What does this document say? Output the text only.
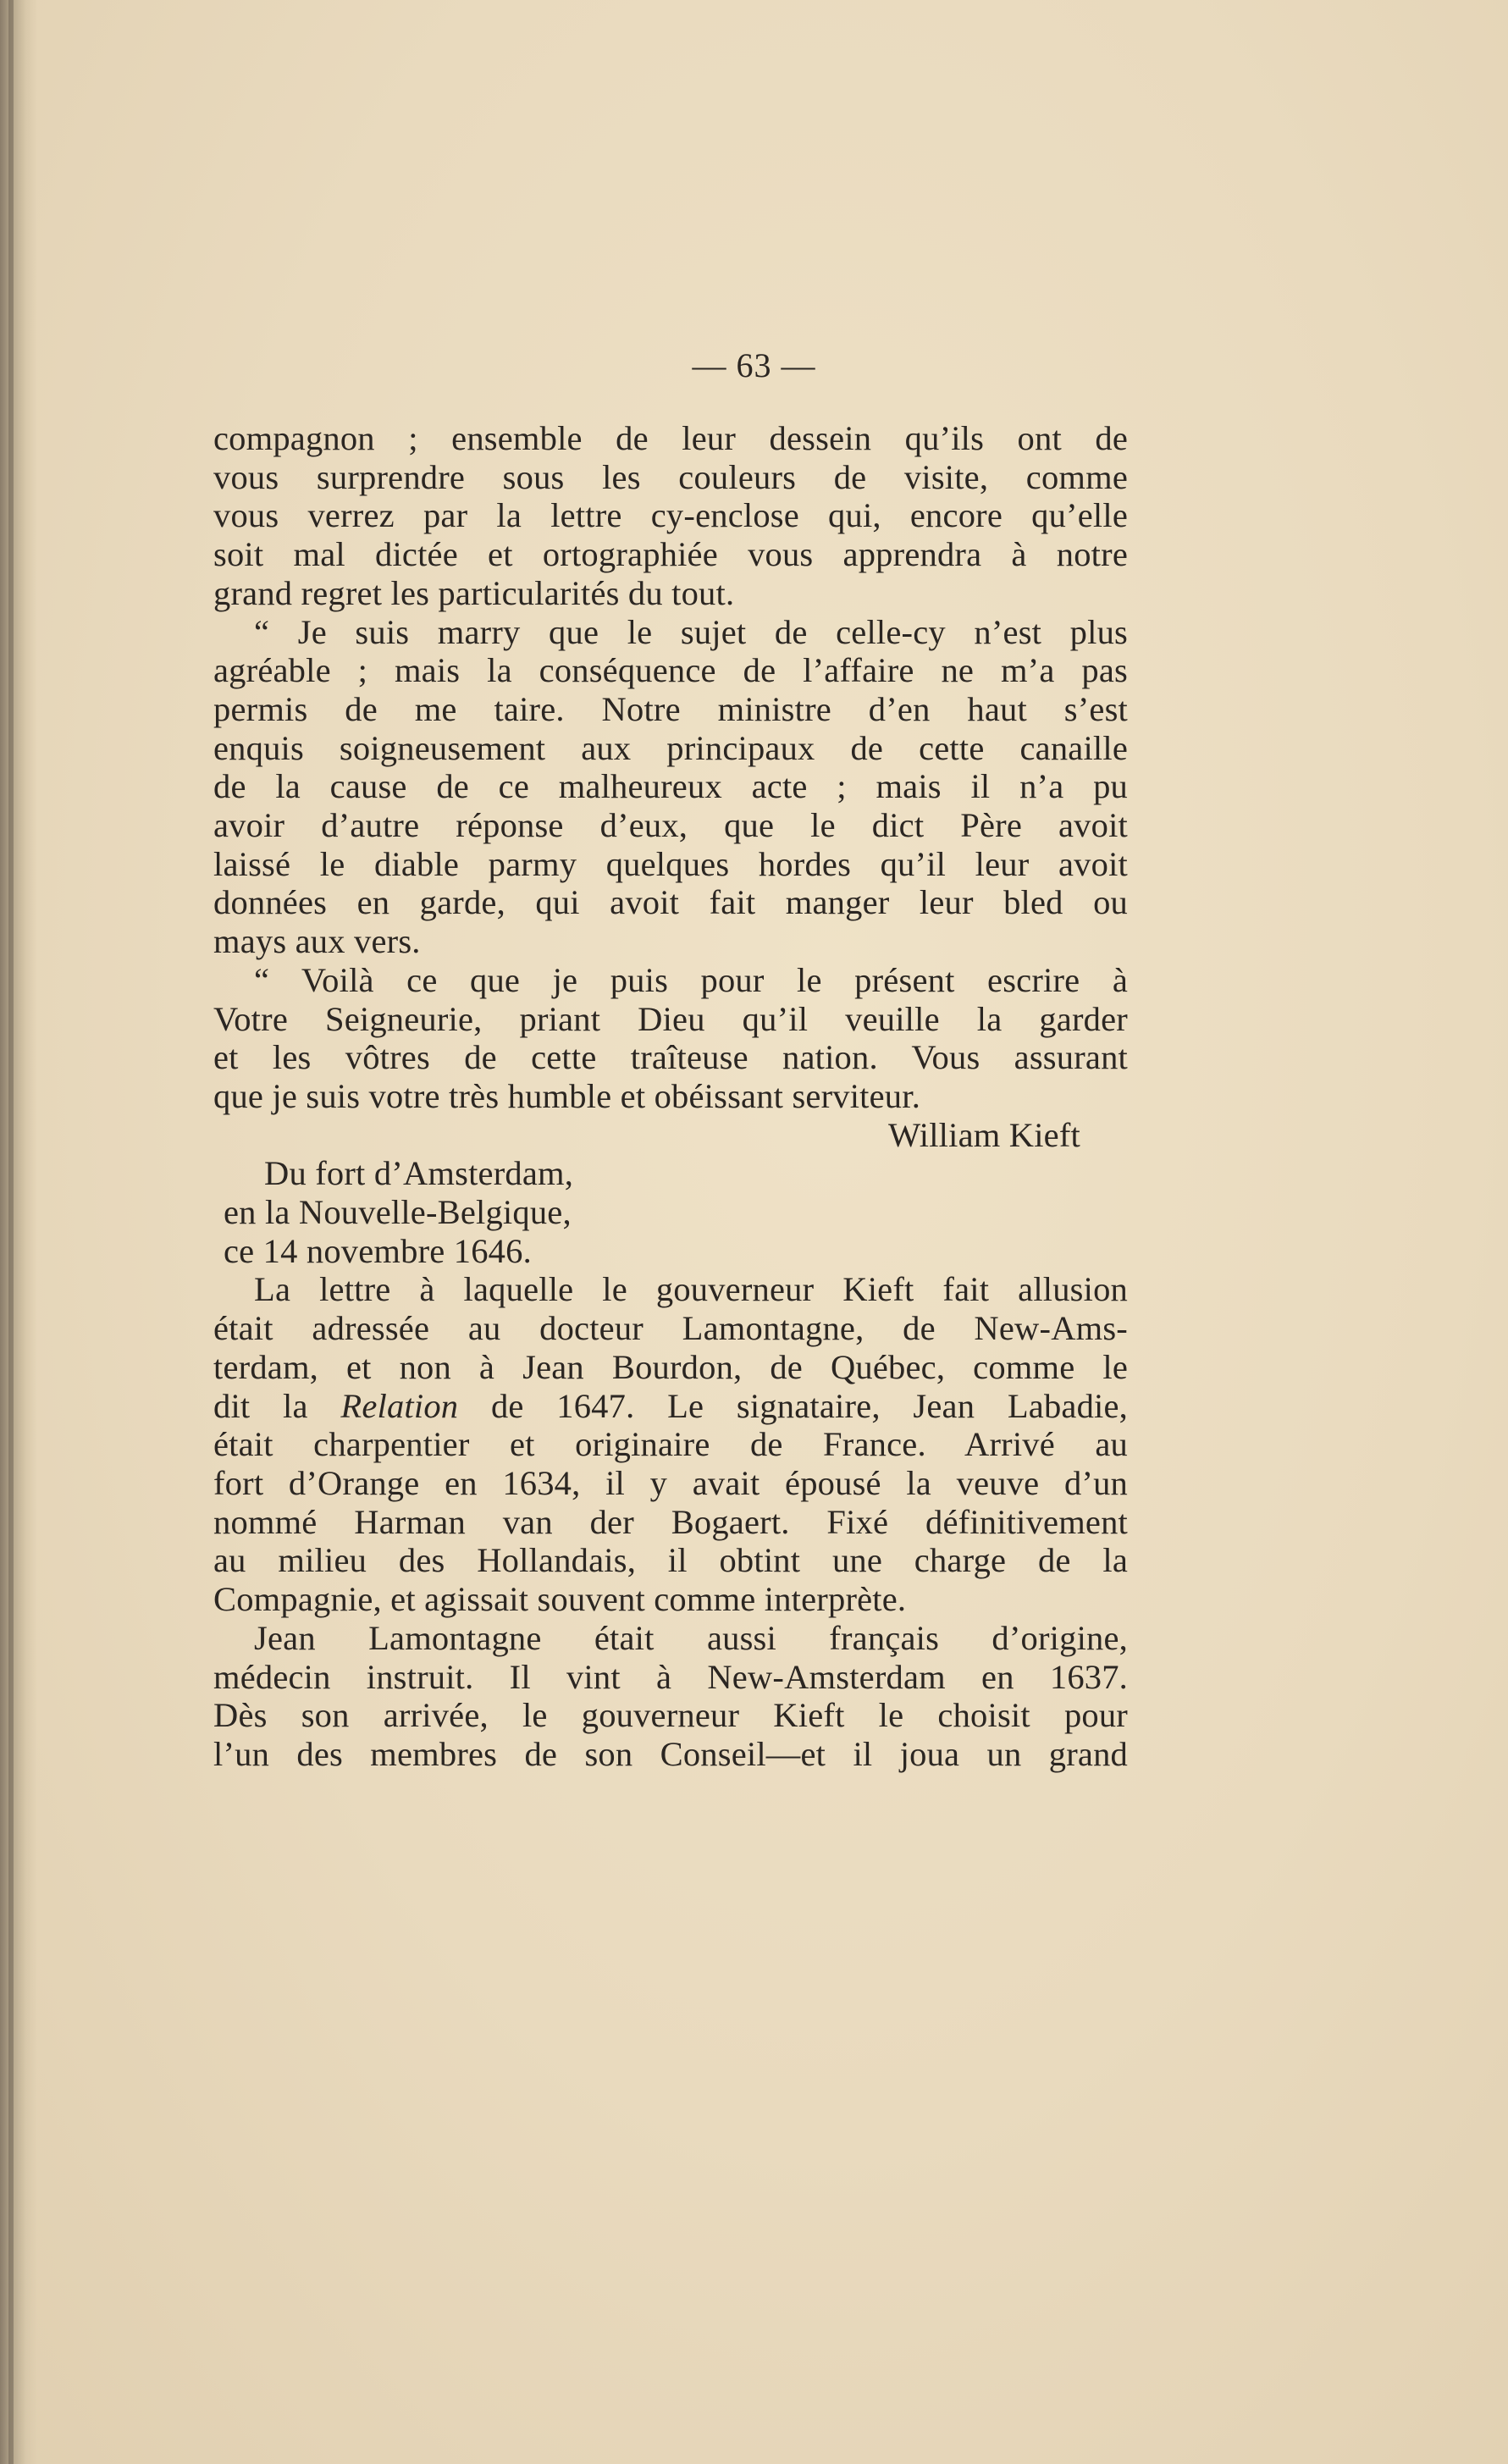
— 63 —
compagnon ; ensemble de leur dessein qu’ils ont de
vous surprendre sous les couleurs de visite, comme
vous verrez par la lettre cy-enclose qui, encore qu’elle
soit mal dictée et ortographiée vous apprendra à notre
grand regret les particularités du tout.
“ Je suis marry que le sujet de celle-cy n’est plus
agréable ; mais la conséquence de l’affaire ne m’a pas
permis de me taire. Notre ministre d’en haut s’est
enquis soigneusement aux principaux de cette canaille
de la cause de ce malheureux acte ; mais il n’a pu
avoir d’autre réponse d’eux, que le dict Père avoit
laissé le diable parmy quelques hordes qu’il leur avoit
données en garde, qui avoit fait manger leur bled ou
mays aux vers.
“ Voilà ce que je puis pour le présent escrire à
Votre Seigneurie, priant Dieu qu’il veuille la garder
et les vôtres de cette traîteuse nation. Vous assurant
que je suis votre très humble et obéissant serviteur.
William Kieft
Du fort d’Amsterdam,
en la Nouvelle-Belgique,
ce 14 novembre 1646.
La lettre à laquelle le gouverneur Kieft fait allusion
était adressée au docteur Lamontagne, de New-Ams-
terdam, et non à Jean Bourdon, de Québec, comme le
dit la Relation de 1647. Le signataire, Jean Labadie,
était charpentier et originaire de France. Arrivé au
fort d’Orange en 1634, il y avait épousé la veuve d’un
nommé Harman van der Bogaert. Fixé définitivement
au milieu des Hollandais, il obtint une charge de la
Compagnie, et agissait souvent comme interprète.
Jean Lamontagne était aussi français d’origine,
médecin instruit. Il vint à New-Amsterdam en 1637.
Dès son arrivée, le gouverneur Kieft le choisit pour
l’un des membres de son Conseil—et il joua un grand
